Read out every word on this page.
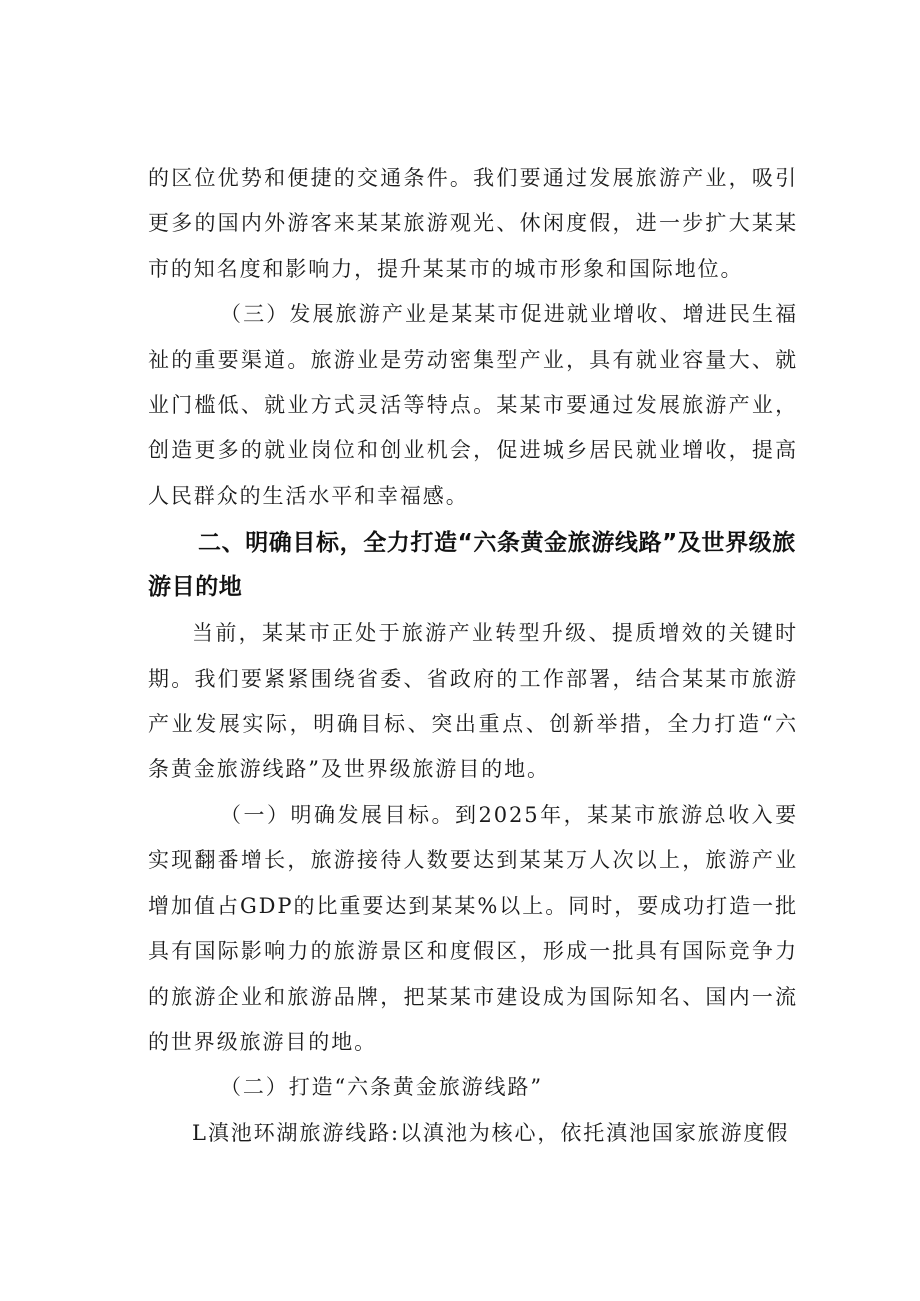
的区位优势和便捷的交通条件。我们要通过发展旅游产业，吸引更多的国内外游客来某某旅游观光、休闲度假，进一步扩大某某市的知名度和影响力，提升某某市的城市形象和国际地位。

（三）发展旅游产业是某某市促进就业增收、增进民生福祉的重要渠道。旅游业是劳动密集型产业，具有就业容量大、就业门槛低、就业方式灵活等特点。某某市要通过发展旅游产业，创造更多的就业岗位和创业机会，促进城乡居民就业增收，提高人民群众的生活水平和幸福感。

二、明确目标，全力打造“六条黄金旅游线路”及世界级旅游目的地

当前，某某市正处于旅游产业转型升级、提质增效的关键时期。我们要紧紧围绕省委、省政府的工作部署，结合某某市旅游产业发展实际，明确目标、突出重点、创新举措，全力打造“六条黄金旅游线路”及世界级旅游目的地。

（一）明确发展目标。到2025年，某某市旅游总收入要实现翻番增长，旅游接待人数要达到某某万人次以上，旅游产业增加值占GDP的比重要达到某某%以上。同时，要成功打造一批具有国际影响力的旅游景区和度假区，形成一批具有国际竞争力的旅游企业和旅游品牌，把某某市建设成为国际知名、国内一流的世界级旅游目的地。

（二）打造“六条黄金旅游线路”

L滇池环湖旅游线路:以滇池为核心，依托滇池国家旅游度假
